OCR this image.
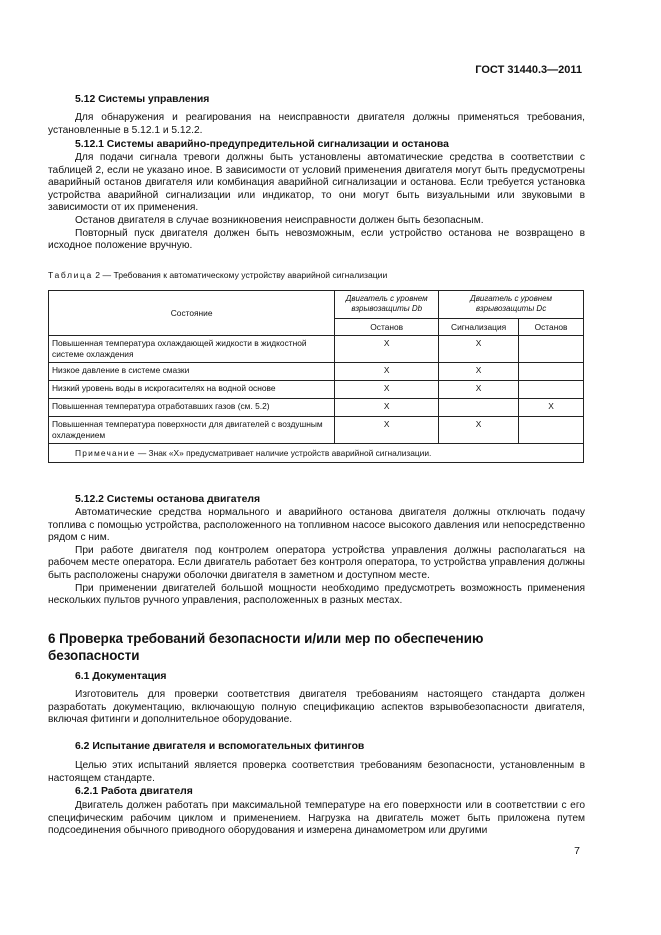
ГОСТ 31440.3—2011
5.12 Системы управления

Для обнаружения и реагирования на неисправности двигателя должны применяться требования, установленные в 5.12.1 и 5.12.2.

5.12.1 Системы аварийно-предупредительной сигнализации и останова

Для подачи сигнала тревоги должны быть установлены автоматические средства в соответствии с таблицей 2, если не указано иное. В зависимости от условий применения двигателя могут быть предусмотрены аварийный останов двигателя или комбинация аварийной сигнализации и останова. Если требуется установка устройства аварийной сигнализации или индикатор, то они могут быть визуальными или звуковыми в зависимости от их применения.

Останов двигателя в случае возникновения неисправности должен быть безопасным.

Повторный пуск двигателя должен быть невозможным, если устройство останова не возвращено в исходное положение вручную.

Таблица 2 — Требования к автоматическому устройству аварийной сигнализации
Состояние	Двигатель с уровнем взрывозащиты Db	Двигатель с уровнем взрывозащиты Dc	
	Останов	Сигнализация	Останов
Повышенная температура охлаждающей жидкости в жидкостной системе охлаждения	X	X	
Низкое давление в системе смазки	X	X	
Низкий уровень воды в искрогасителях на водной основе	X	X	
Повышенная температура отработавших газов (см. 5.2)	X		X
Повышенная температура поверхности для двигателей с воздушным охлаждением	X	X	
Примечание — Знак «Х» предусматривает наличие устройств аварийной сигнализации.			
5.12.2 Системы останова двигателя

Автоматические средства нормального и аварийного останова двигателя должны отключать подачу топлива с помощью устройства, расположенного на топливном насосе высокого давления или непосредственно рядом с ним.

При работе двигателя под контролем оператора устройства управления должны располагаться на рабочем месте оператора. Если двигатель работает без контроля оператора, то устройства управления должны быть расположены снаружи оболочки двигателя в заметном и доступном месте.

При применении двигателей большой мощности необходимо предусмотреть возможность применения нескольких пультов ручного управления, расположенных в разных местах.

6 Проверка требований безопасности и/или мер по обеспечению безопасности
6.1 Документация

Изготовитель для проверки соответствия двигателя требованиям настоящего стандарта должен разработать документацию, включающую полную спецификацию аспектов взрывобезопасности двигателя, включая фитинги и дополнительное оборудование.

6.2 Испытание двигателя и вспомогательных фитингов

Целью этих испытаний является проверка соответствия требованиям безопасности, установленным в настоящем стандарте.

6.2.1 Работа двигателя

Двигатель должен работать при максимальной температуре на его поверхности или в соответствии с его специфическим рабочим циклом и применением. Нагрузка на двигатель может быть приложена путем подсоединения обычного приводного оборудования и измерена динамометром или другими

7
